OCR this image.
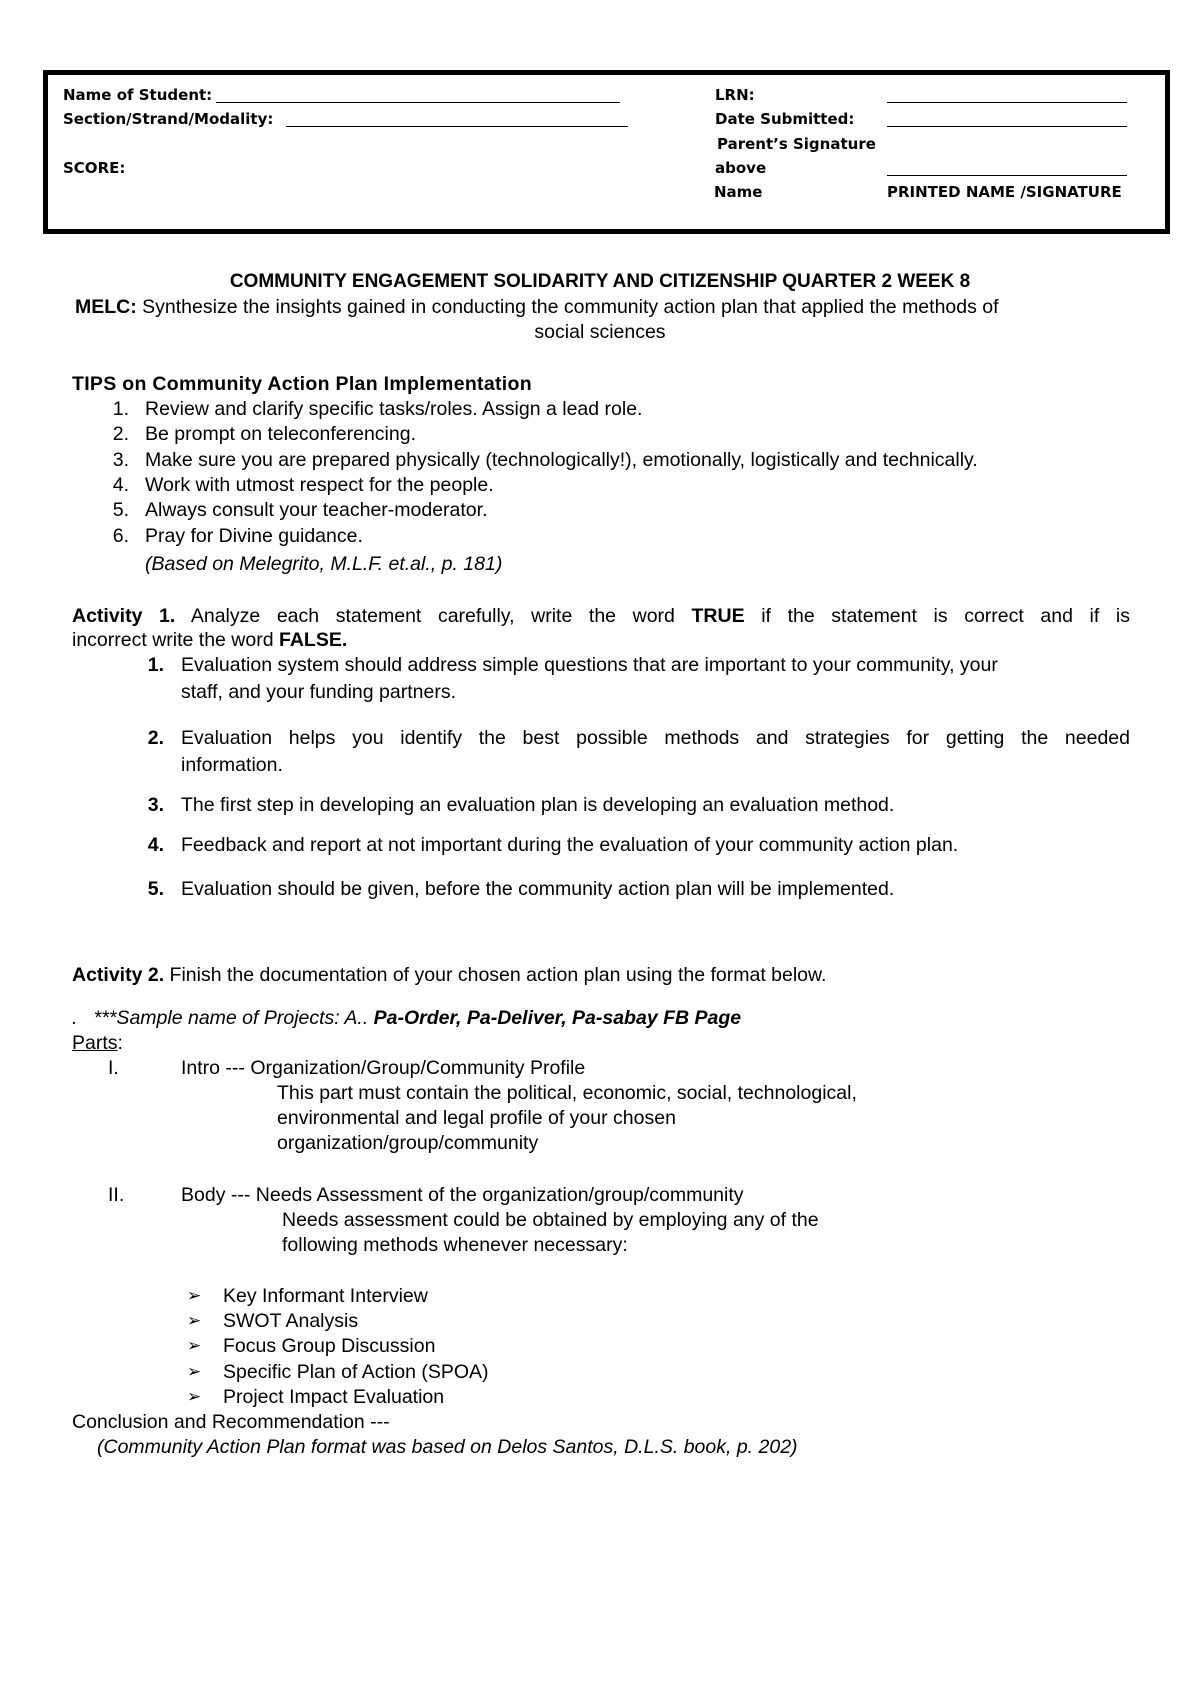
Name of Student:
Section/Strand/Modality:
SCORE:
LRN:
Date Submitted:
Parent’s Signature
above
Name	PRINTED NAME /SIGNATURE
COMMUNITY ENGAGEMENT SOLIDARITY AND CITIZENSHIP QUARTER 2 WEEK 8
MELC: Synthesize the insights gained in conducting the community action plan that applied the methods of
social sciences
TIPS on Community Action Plan Implementation
1. Review and clarify specific tasks/roles. Assign a lead role.
2. Be prompt on teleconferencing.
3. Make sure you are prepared physically (technologically!), emotionally, logistically and technically.
4. Work with utmost respect for the people.
5. Always consult your teacher-moderator.
6. Pray for Divine guidance.
(Based on Melegrito, M.L.F. et.al., p. 181)
Activity 1. Analyze each statement carefully, write the word TRUE if the statement is correct and if is
incorrect write the word FALSE.
1. Evaluation system should address simple questions that are important to your community, your
staff, and your funding partners.
2. Evaluation helps you identify the best possible methods and strategies for getting the needed
information.
3. The first step in developing an evaluation plan is developing an evaluation method.
4. Feedback and report at not important during the evaluation of your community action plan.
5. Evaluation should be given, before the community action plan will be implemented.
Activity 2. Finish the documentation of your chosen action plan using the format below.
.   ***Sample name of Projects: A.. Pa-Order, Pa-Deliver, Pa-sabay FB Page
Parts:
I.	Intro --- Organization/Group/Community Profile
This part must contain the political, economic, social, technological,
environmental and legal profile of your chosen
organization/group/community
II.	Body --- Needs Assessment of the organization/group/community
Needs assessment could be obtained by employing any of the
following methods whenever necessary:
➢ Key Informant Interview
➢ SWOT Analysis
➢ Focus Group Discussion
➢ Specific Plan of Action (SPOA)
➢ Project Impact Evaluation
Conclusion and Recommendation ---
(Community Action Plan format was based on Delos Santos, D.L.S. book, p. 202)
